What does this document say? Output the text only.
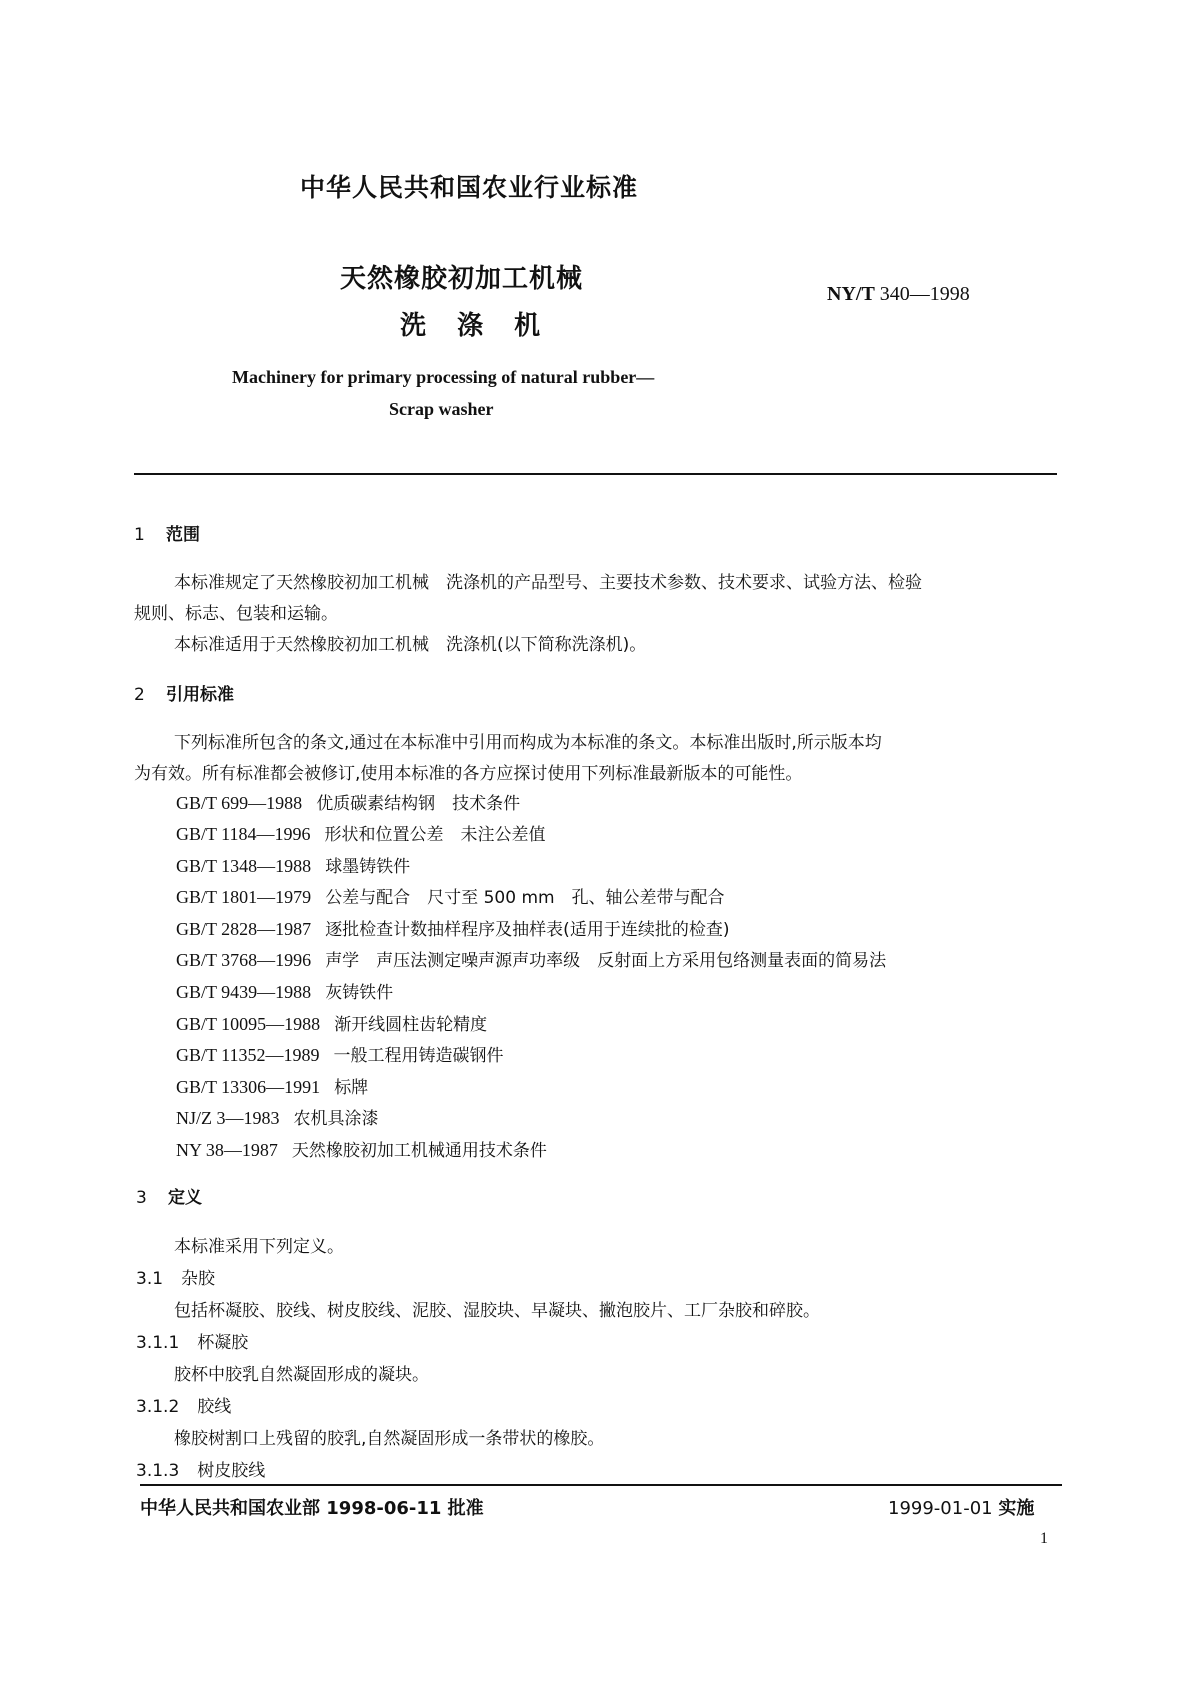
中华人民共和国农业行业标准
天然橡胶初加工机械
洗 涤 机
NY/T 340—1998
Machinery for primary processing of natural rubber—
Scrap washer
1 范围
本标准规定了天然橡胶初加工机械　洗涤机的产品型号、主要技术参数、技术要求、试验方法、检验
规则、标志、包装和运输。
本标准适用于天然橡胶初加工机械　洗涤机(以下简称洗涤机)。
2 引用标准
下列标准所包含的条文,通过在本标准中引用而构成为本标准的条文。本标准出版时,所示版本均
为有效。所有标准都会被修订,使用本标准的各方应探讨使用下列标准最新版本的可能性。
GB/T 699—1988 优质碳素结构钢　技术条件
GB/T 1184—1996 形状和位置公差　未注公差值
GB/T 1348—1988 球墨铸铁件
GB/T 1801—1979 公差与配合　尺寸至 500 mm　孔、轴公差带与配合
GB/T 2828—1987 逐批检查计数抽样程序及抽样表(适用于连续批的检查)
GB/T 3768—1996 声学　声压法测定噪声源声功率级　反射面上方采用包络测量表面的简易法
GB/T 9439—1988 灰铸铁件
GB/T 10095—1988 渐开线圆柱齿轮精度
GB/T 11352—1989 一般工程用铸造碳钢件
GB/T 13306—1991 标牌
NJ/Z 3—1983 农机具涂漆
NY 38—1987 天然橡胶初加工机械通用技术条件
3 定义
本标准采用下列定义。
3.1 杂胶
包括杯凝胶、胶线、树皮胶线、泥胶、湿胶块、早凝块、撇泡胶片、工厂杂胶和碎胶。
3.1.1 杯凝胶
胶杯中胶乳自然凝固形成的凝块。
3.1.2 胶线
橡胶树割口上残留的胶乳,自然凝固形成一条带状的橡胶。
3.1.3 树皮胶线
中华人民共和国农业部 1998-06-11 批准	1999-01-01 实施
1
